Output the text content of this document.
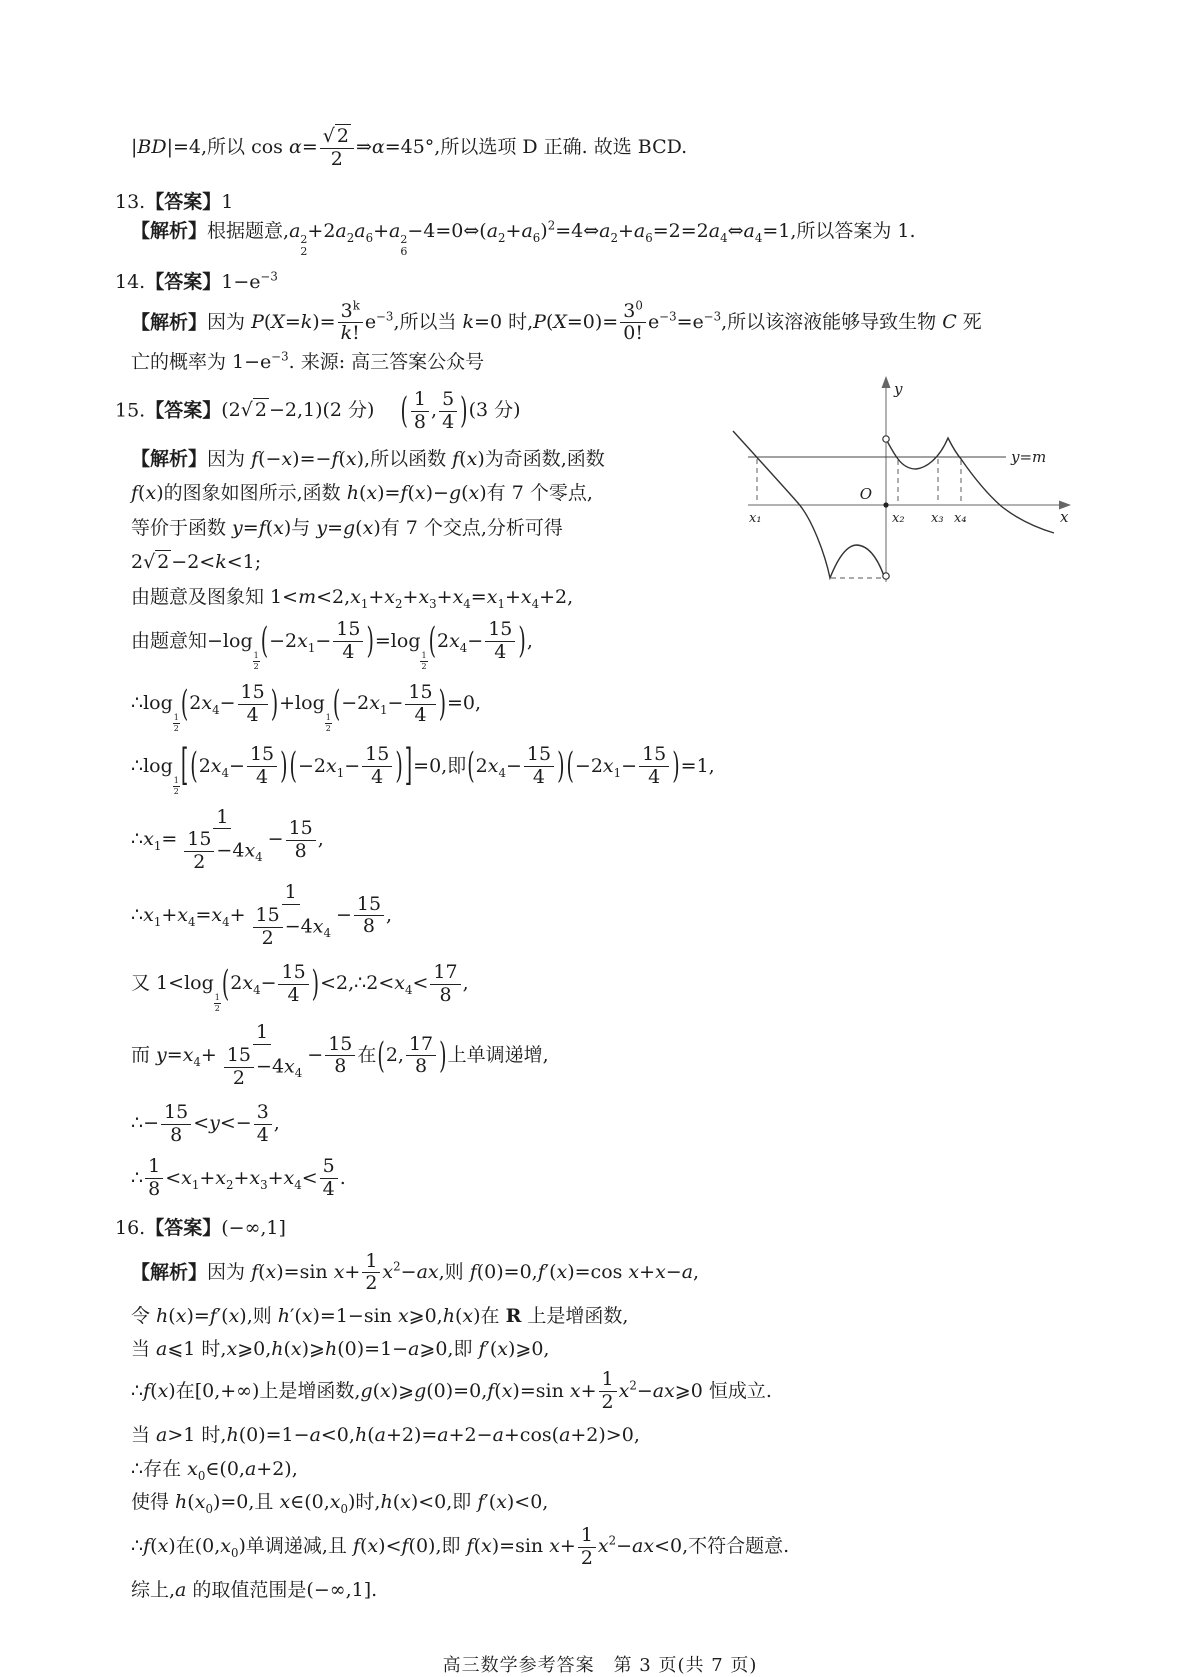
|BD|=4,所以 $\cos \alpha= \frac{√ 2}{2}$ ⇒α=45°,所以选项 D 正确. 故选 BCD.
13.【答案】1
【解析】根据题意,a 2
2
$+2a_2a_6+a$ 2
6
$-4=0\Leftrightarrow(a_2+a_6)^2=4\Leftrightarrow a_2+a_6=2=2a_4\Leftrightarrow a_4=1$,所以答案为 1.
14.【答案】$1-e^{-3}$
【解析】因为 $P(X=k)= \frac{3^k}{k!} e^{-3}$,所以当 k=0 时$,P(X=0)= \frac{3^0}{0!} e^{-3}=e^{-3}$,所以该溶液能够导致生物 C 死
亡的概率为 $1-e^{-3}$. 来源: 高三答案公众号
15.【答案】(2√ 2 −2,1)(2 分)　 ( $\frac{1}{8}$ , $\frac{5}{4} )(3$ 分)
【解析】因为 f(−x)=−f(x),所以函数 f(x)为奇函数,函数
f(x)的图象如图所示,函数 h(x)=f(x)−g(x)有 7 个零点,
等价于函数 y=f(x)与 y=g(x)有 7 个交点,分析可得
2√ 2 −2<k<1;
由题意及图象知 $1<m<2,x_1+x_2+x_3+x_4=x_1+x_4+2$,
由题意知−log
$\frac{1}{2} (-2x_1- \frac{15}{4} )=\log$
$\frac{1}{2} (2x_4- \frac{15}{4}$ ),
∴log
$\frac{1}{2} (2x_4- \frac{15}{4} )+\log$
$\frac{1}{2} (-2x_1- \frac{15}{4} )=0$,
∴log
$\frac{1}{2}$ [ ($2x_4- \frac{15}{4}$ ) ($-2x_1- \frac{15}{4}$ ) ]=0,即($2x_4- \frac{15}{4}$ ) $(-2x_1- \frac{15}{4} )=1$,
$\therefore x_1= \frac{1}{\frac{15}{2} -4x_4} - \frac{15}{8}$ ,
$\therefore x_1+x_4=x_4+ \frac{1}{\frac{15}{2} -4x_4} - \frac{15}{8}$ ,
又 1<log
$\frac{1}{2} (2x_4- \frac{15}{4}$ )$<2,\therefore 2<x_4< \frac{17}{8}$ ,
而 $y=x_4+ \frac{1}{\frac{15}{2} -4x_4} - \frac{15}{8}$ 在(2, $\frac{17}{8}$ )上单调递增,
∴− $\frac{15}{8} <y<- \frac{3}{4}$ ,
∴ $\frac{1}{8} <x_1+x_2+x_3+x_4< \frac{5}{4}$ .
16.【答案】(−∞,1]
【解析】因为 f(x)=sin $x+ \frac{1}{2} x^2-ax$,则 f(0)=0,f′(x)=cos x+x−a,
令 h(x)=f′(x),则 h′(x)=1−sin x⩾0,h(x)在 R 上是增函数,
当 a⩽1 时,x⩾0,h(x)⩾h(0)=1−a⩾0,即 f′(x)⩾0,
∴f(x)在[0,+∞)上是增函数,g(x)⩾g(0)=0,f(x)=sin $x+ \frac{1}{2}$ $x^2-ax⩾0$ 恒成立.
当 a>1 时,h(0)=1−a<0,h(a+2)=a+2−a+cos(a+2)>0,
∴存在 $x_0\in(0,a+2)$,
使得 $h(x_0)=0$,且 $x\in(0,x_0)$时,h(x)<0,即 f′(x)<0,
∴f(x)在$(0,x_0)$单调递减,且 f(x)<f(0),即 f(x)=sin $x+ \frac{1}{2} x^2-ax<0$,不符合题意.
综上,a 的取值范围是(−∞,1].
高三数学参考答案　第 3 页(共 7 页)
y
x
O
y=m
x₁	x₂ x₃ x₄
